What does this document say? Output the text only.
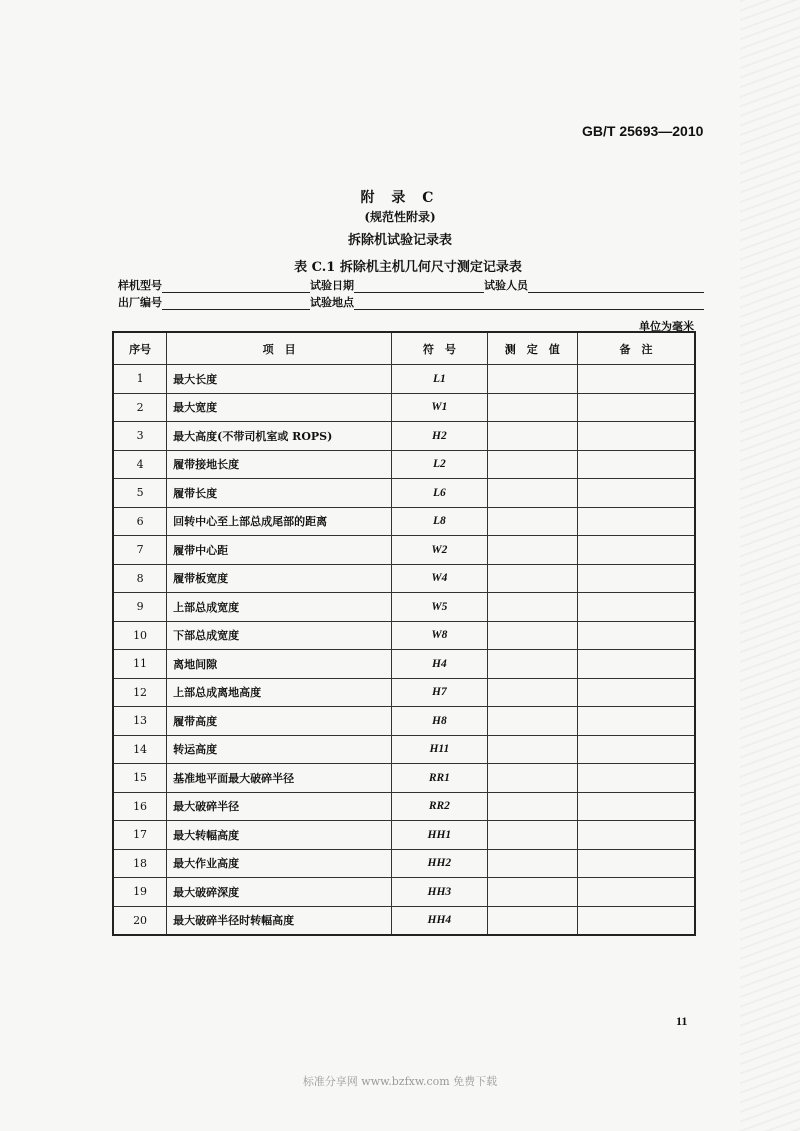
GB/T 25693—2010
附 录 C
(规范性附录)
拆除机试验记录表
表 C.1 拆除机主机几何尺寸测定记录表
样机型号	试验日期	试验人员
出厂编号	试验地点
单位为毫米
序号	项　目	符　号	测　定　值	备　注
1	最大长度	L1		
2	最大宽度	W1		
3	最大高度(不带司机室或 ROPS)	H2		
4	履带接地长度	L2		
5	履带长度	L6		
6	回转中心至上部总成尾部的距离	L8		
7	履带中心距	W2		
8	履带板宽度	W4		
9	上部总成宽度	W5		
10	下部总成宽度	W8		
11	离地间隙	H4		
12	上部总成离地高度	H7		
13	履带高度	H8		
14	转运高度	H11		
15	基准地平面最大破碎半径	RR1		
16	最大破碎半径	RR2		
17	最大转幅高度	HH1		
18	最大作业高度	HH2		
19	最大破碎深度	HH3		
20	最大破碎半径时转幅高度	HH4		
11
标准分享网 www.bzfxw.com 免费下载
